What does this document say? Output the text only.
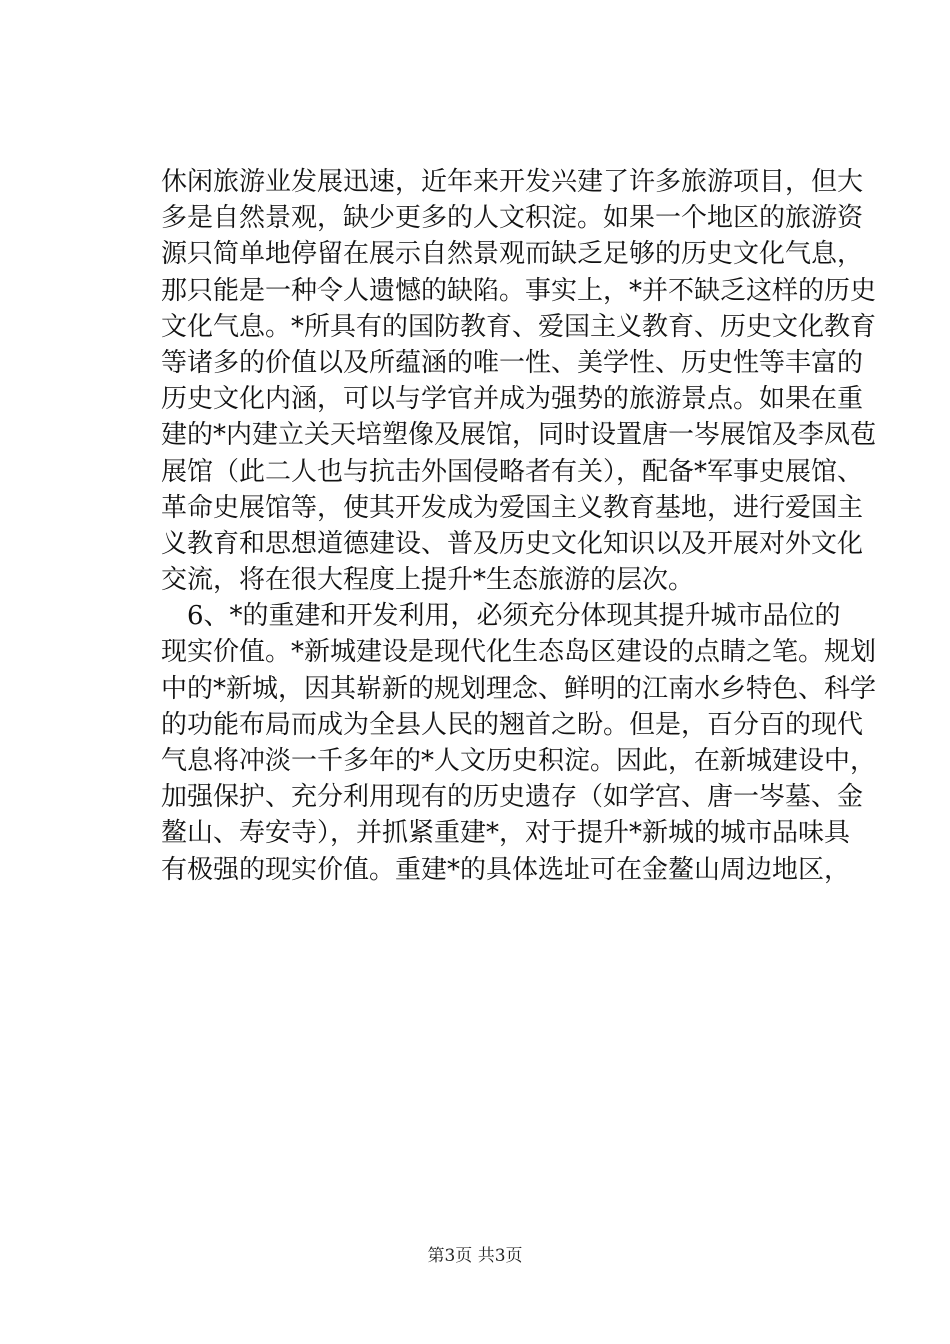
休闲旅游业发展迅速，近年来开发兴建了许多旅游项目，但大
多是自然景观，缺少更多的人文积淀。如果一个地区的旅游资
源只简单地停留在展示自然景观而缺乏足够的历史文化气息，
那只能是一种令人遗憾的缺陷。事实上，*并不缺乏这样的历史
文化气息。*所具有的国防教育、爱国主义教育、历史文化教育
等诸多的价值以及所蕴涵的唯一性、美学性、历史性等丰富的
历史文化内涵，可以与学官并成为强势的旅游景点。如果在重
建的*内建立关天培塑像及展馆，同时设置唐一岑展馆及李凤苞
展馆（此二人也与抗击外国侵略者有关），配备*军事史展馆、
革命史展馆等，使其开发成为爱国主义教育基地，进行爱国主
义教育和思想道德建设、普及历史文化知识以及开展对外文化
交流，将在很大程度上提升*生态旅游的层次。
6、*的重建和开发利用，必须充分体现其提升城市品位的
现实价值。*新城建设是现代化生态岛区建设的点睛之笔。规划
中的*新城，因其崭新的规划理念、鲜明的江南水乡特色、科学
的功能布局而成为全县人民的翘首之盼。但是，百分百的现代
气息将冲淡一千多年的*人文历史积淀。因此，在新城建设中，
加强保护、充分利用现有的历史遗存（如学宫、唐一岑墓、金
鳌山、寿安寺），并抓紧重建*，对于提升*新城的城市品味具
有极强的现实价值。重建*的具体选址可在金鳌山周边地区，
第3页 共3页
